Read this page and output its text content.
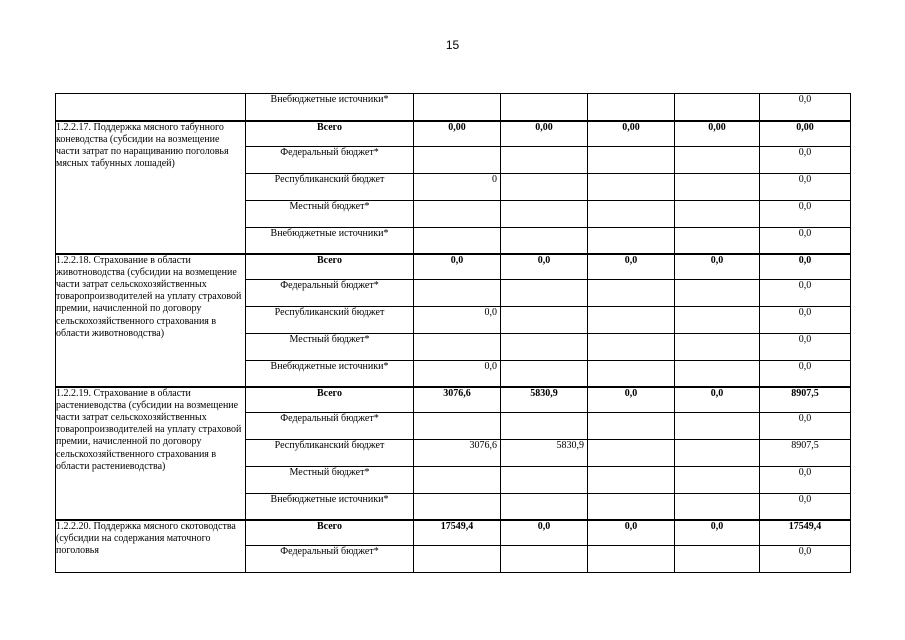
15
	Внебюджетные источники*					0,0
1.2.2.17. Поддержка мясного табунного коневодства (субсидии на возмещение части затрат по наращиванию поголовья мясных табунных лошадей)	Всего	0,00	0,00	0,00	0,00	0,00
	Федеральный бюджет*					0,0
	Республиканский бюджет	0				0,0
	Местный бюджет*					0,0
	Внебюджетные источники*					0,0
1.2.2.18. Страхование в области животноводства (субсидии на возмещение части затрат сельскохозяйственных товаропроизводителей на уплату страховой премии, начисленной по договору сельскохозяйственного страхования в области животноводства)	Всего	0,0	0,0	0,0	0,0	0,0
	Федеральный бюджет*					0,0
	Республиканский бюджет	0,0				0,0
	Местный бюджет*					0,0
	Внебюджетные источники*	0,0				0,0
1.2.2.19. Страхование в области растениеводства (субсидии на возмещение части затрат сельскохозяйственных товаропроизводителей на уплату страховой премии, начисленной по договору сельскохозяйственного страхования в области растениеводства)	Всего	3076,6	5830,9	0,0	0,0	8907,5
	Федеральный бюджет*					0,0
	Республиканский бюджет	3076,6	5830,9			8907,5
	Местный бюджет*					0,0
	Внебюджетные источники*					0,0
1.2.2.20. Поддержка мясного скотоводства (субсидии на содержания маточного поголовья	Всего	17549,4	0,0	0,0	0,0	17549,4
	Федеральный бюджет*					0,0
